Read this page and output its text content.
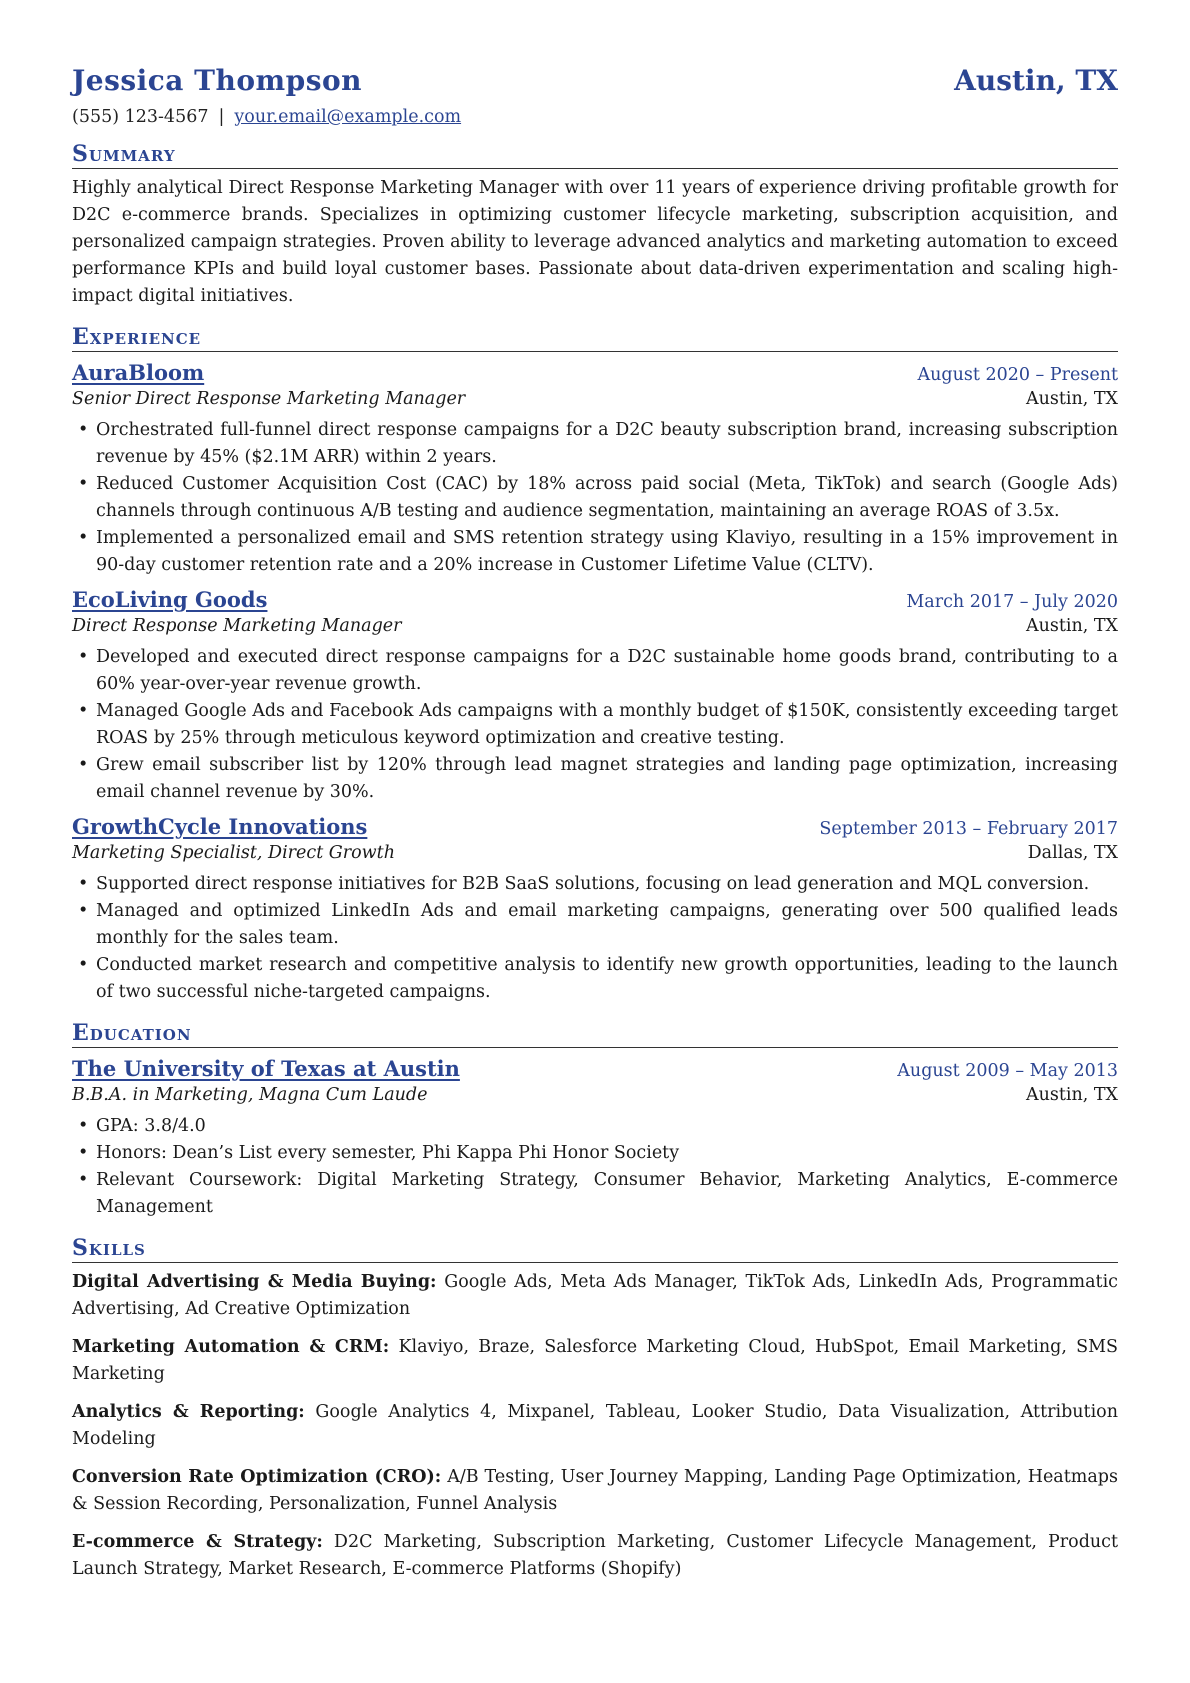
Jessica Thompson	Austin, TX
(555) 123-4567 | your.email@example.com
Summary
Highly analytical Direct Response Marketing Manager with over 11 years of experience driving profitable growth for D2C e-commerce brands. Specializes in optimizing customer lifecycle marketing, subscription acquisition, and personalized campaign strategies. Proven ability to leverage advanced analytics and marketing automation to exceed performance KPIs and build loyal customer bases. Passionate about data-driven experimentation and scaling high-impact digital initiatives.
Experience
AuraBloom	August 2020 – Present
Senior Direct Response Marketing Manager	Austin, TX
• Orchestrated full-funnel direct response campaigns for a D2C beauty subscription brand, increasing subscription revenue by 45% ($2.1M ARR) within 2 years.
• Reduced Customer Acquisition Cost (CAC) by 18% across paid social (Meta, TikTok) and search (Google Ads) channels through continuous A/B testing and audience segmentation, maintaining an average ROAS of 3.5x.
• Implemented a personalized email and SMS retention strategy using Klaviyo, resulting in a 15% improvement in 90-day customer retention rate and a 20% increase in Customer Lifetime Value (CLTV).
EcoLiving Goods	March 2017 – July 2020
Direct Response Marketing Manager	Austin, TX
• Developed and executed direct response campaigns for a D2C sustainable home goods brand, contributing to a 60% year-over-year revenue growth.
• Managed Google Ads and Facebook Ads campaigns with a monthly budget of $150K, consistently exceeding target ROAS by 25% through meticulous keyword optimization and creative testing.
• Grew email subscriber list by 120% through lead magnet strategies and landing page optimization, increasing email channel revenue by 30%.
GrowthCycle Innovations	September 2013 – February 2017
Marketing Specialist, Direct Growth	Dallas, TX
• Supported direct response initiatives for B2B SaaS solutions, focusing on lead generation and MQL conversion.
• Managed and optimized LinkedIn Ads and email marketing campaigns, generating over 500 qualified leads monthly for the sales team.
• Conducted market research and competitive analysis to identify new growth opportunities, leading to the launch of two successful niche-targeted campaigns.
Education
The University of Texas at Austin	August 2009 – May 2013
B.B.A. in Marketing, Magna Cum Laude	Austin, TX
• GPA: 3.8/4.0
• Honors: Dean’s List every semester, Phi Kappa Phi Honor Society
• Relevant Coursework: Digital Marketing Strategy, Consumer Behavior, Marketing Analytics, E-commerce Management
Skills
Digital Advertising & Media Buying: Google Ads, Meta Ads Manager, TikTok Ads, LinkedIn Ads, Programmatic Advertising, Ad Creative Optimization
Marketing Automation & CRM: Klaviyo, Braze, Salesforce Marketing Cloud, HubSpot, Email Marketing, SMS Marketing
Analytics & Reporting: Google Analytics 4, Mixpanel, Tableau, Looker Studio, Data Visualization, Attribution Modeling
Conversion Rate Optimization (CRO): A/B Testing, User Journey Mapping, Landing Page Optimization, Heatmaps & Session Recording, Personalization, Funnel Analysis
E-commerce & Strategy: D2C Marketing, Subscription Marketing, Customer Lifecycle Management, Product Launch Strategy, Market Research, E-commerce Platforms (Shopify)
